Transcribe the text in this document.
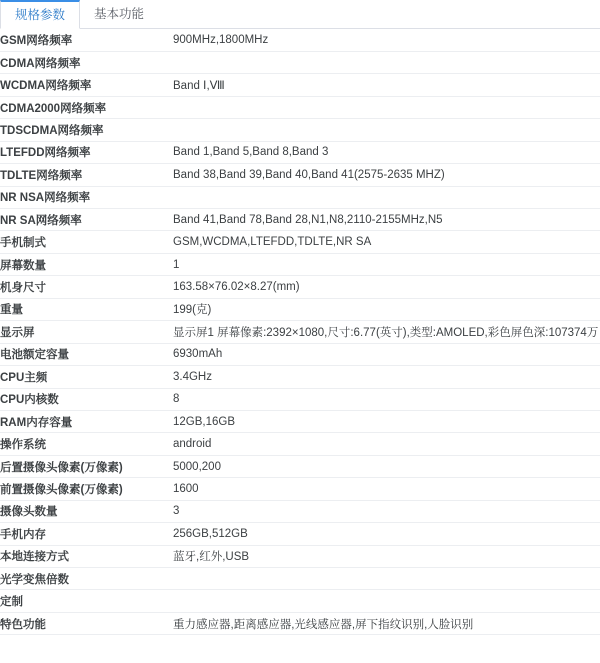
规格参数 基本功能
GSM网络频率	900MHz,1800MHz
CDMA网络频率	
WCDMA网络频率	Band Ⅰ,Ⅷ
CDMA2000网络频率	
TDSCDMA网络频率	
LTEFDD网络频率	Band 1,Band 5,Band 8,Band 3
TDLTE网络频率	Band 38,Band 39,Band 40,Band 41(2575-2635 MHZ)
NR NSA网络频率	
NR SA网络频率	Band 41,Band 78,Band 28,N1,N8,2110-2155MHz,N5
手机制式	GSM,WCDMA,LTEFDD,TDLTE,NR SA
屏幕数量	1
机身尺寸	163.58×76.02×8.27(mm)
重量	199(克)
显示屏	显示屏1 屏幕像素:2392×1080,尺寸:6.77(英寸),类型:AMOLED,彩色屏色深:107374万
电池额定容量	6930mAh
CPU主频	3.4GHz
CPU内核数	8
RAM内存容量	12GB,16GB
操作系统	android
后置摄像头像素(万像素)	5000,200
前置摄像头像素(万像素)	1600
摄像头数量	3
手机内存	256GB,512GB
本地连接方式	蓝牙,红外,USB
光学变焦倍数	
定制	
特色功能	重力感应器,距离感应器,光线感应器,屏下指纹识别,人脸识别
